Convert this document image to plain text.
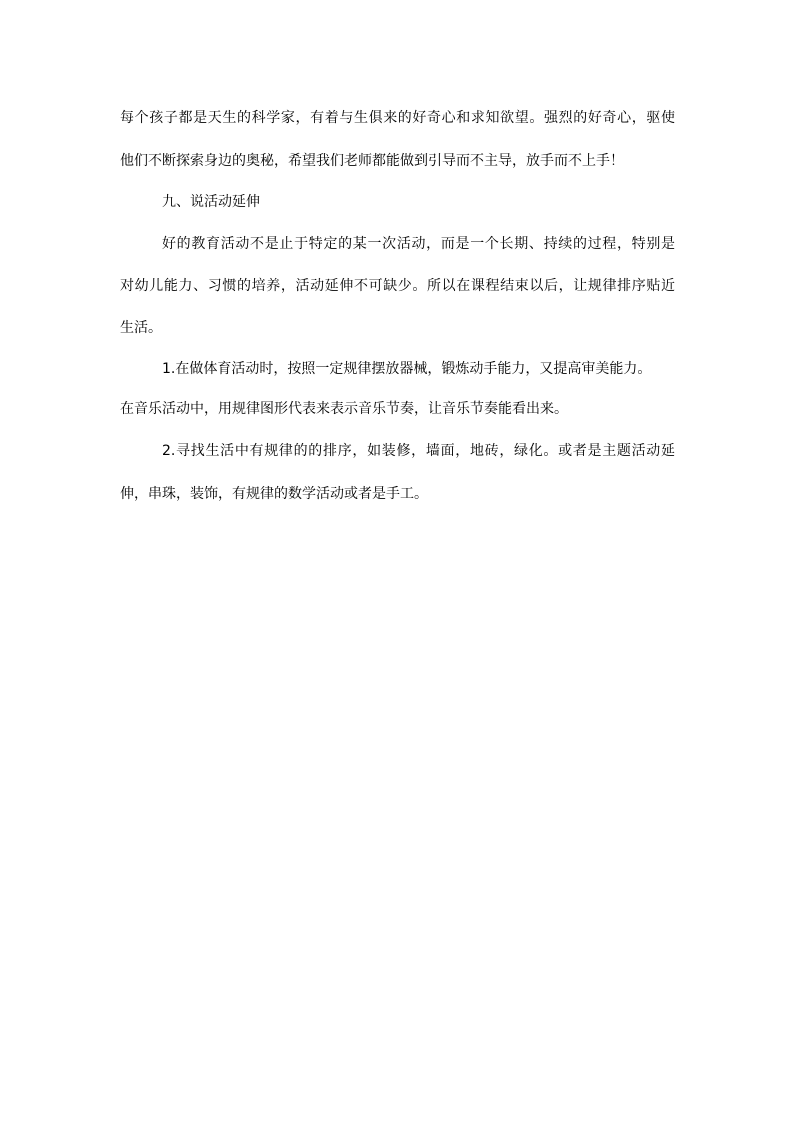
每个孩子都是天生的科学家，有着与生俱来的好奇心和求知欲望。强烈的好奇心，驱使
他们不断探索身边的奥秘，希望我们老师都能做到引导而不主导，放手而不上手！
九、说活动延伸
好的教育活动不是止于特定的某一次活动，而是一个长期、持续的过程，特别是
对幼儿能力、习惯的培养，活动延伸不可缺少。所以在课程结束以后，让规律排序贴近
生活。
1.在做体育活动时，按照一定规律摆放器械，锻炼动手能力，又提高审美能力。
在音乐活动中，用规律图形代表来表示音乐节奏，让音乐节奏能看出来。
2.寻找生活中有规律的的排序，如装修，墙面，地砖，绿化。或者是主题活动延
伸，串珠，装饰，有规律的数学活动或者是手工。
